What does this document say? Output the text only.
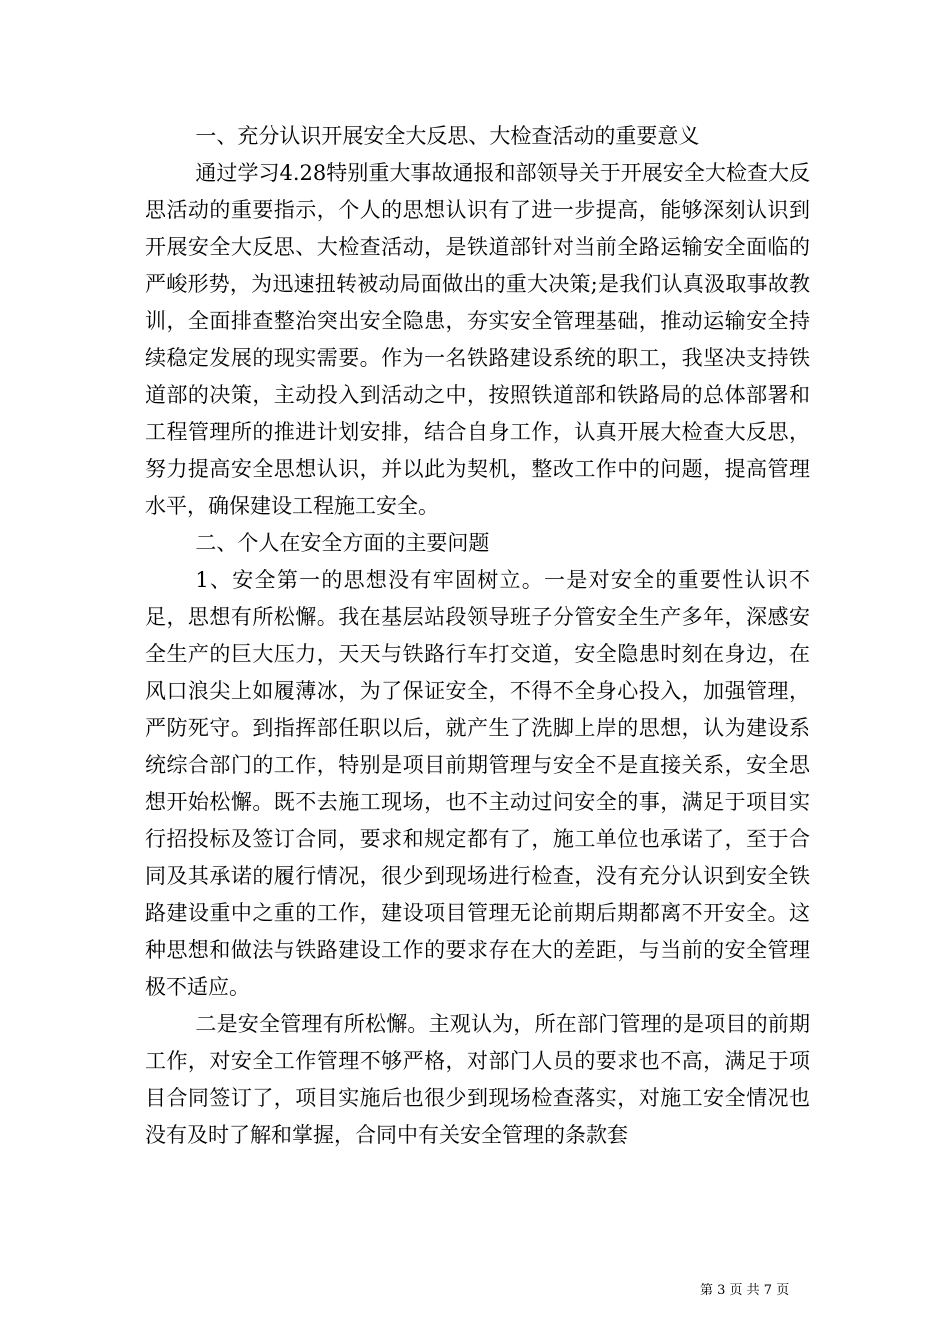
一、充分认识开展安全大反思、大检查活动的重要意义

通过学习4.28特别重大事故通报和部领导关于开展安全大检查大反思活动的重要指示，个人的思想认识有了进一步提高，能够深刻认识到开展安全大反思、大检查活动，是铁道部针对当前全路运输安全面临的严峻形势，为迅速扭转被动局面做出的重大决策;是我们认真汲取事故教训，全面排查整治突出安全隐患，夯实安全管理基础，推动运输安全持续稳定发展的现实需要。作为一名铁路建设系统的职工，我坚决支持铁道部的决策，主动投入到活动之中，按照铁道部和铁路局的总体部署和工程管理所的推进计划安排，结合自身工作，认真开展大检查大反思，努力提高安全思想认识，并以此为契机，整改工作中的问题，提高管理水平，确保建设工程施工安全。

二、个人在安全方面的主要问题

1、安全第一的思想没有牢固树立。一是对安全的重要性认识不足，思想有所松懈。我在基层站段领导班子分管安全生产多年，深感安全生产的巨大压力，天天与铁路行车打交道，安全隐患时刻在身边，在风口浪尖上如履薄冰，为了保证安全，不得不全身心投入，加强管理，严防死守。到指挥部任职以后，就产生了洗脚上岸的思想，认为建设系统综合部门的工作，特别是项目前期管理与安全不是直接关系，安全思想开始松懈。既不去施工现场，也不主动过问安全的事，满足于项目实行招投标及签订合同，要求和规定都有了，施工单位也承诺了，至于合同及其承诺的履行情况，很少到现场进行检查，没有充分认识到安全铁路建设重中之重的工作，建设项目管理无论前期后期都离不开安全。这种思想和做法与铁路建设工作的要求存在大的差距，与当前的安全管理极不适应。

二是安全管理有所松懈。主观认为，所在部门管理的是项目的前期工作，对安全工作管理不够严格，对部门人员的要求也不高，满足于项目合同签订了，项目实施后也很少到现场检查落实，对施工安全情况也没有及时了解和掌握，合同中有关安全管理的条款套

第 3 页 共 7 页
